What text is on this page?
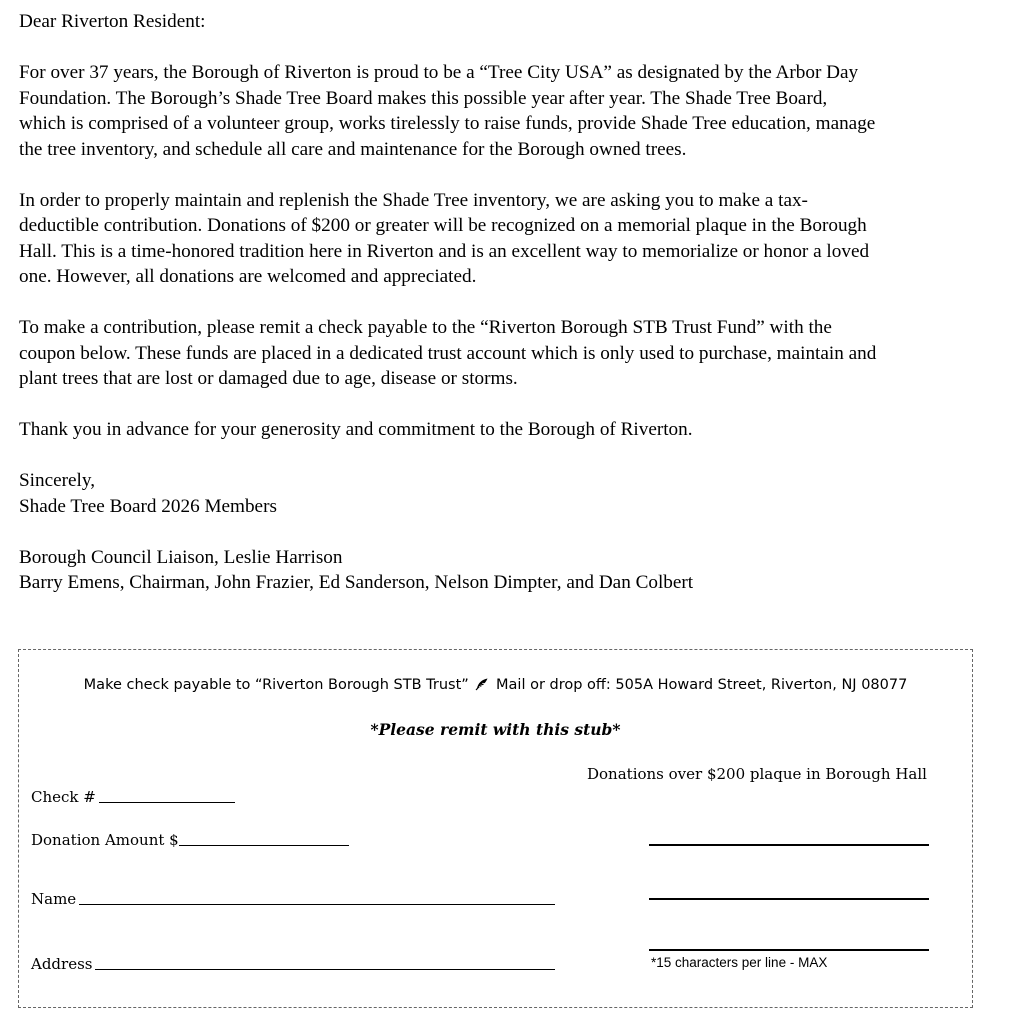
Dear Riverton Resident:

For over 37 years, the Borough of Riverton is proud to be a “Tree City USA” as designated by the Arbor Day
Foundation. The Borough’s Shade Tree Board makes this possible year after year. The Shade Tree Board,
which is comprised of a volunteer group, works tirelessly to raise funds, provide Shade Tree education, manage
the tree inventory, and schedule all care and maintenance for the Borough owned trees.

In order to properly maintain and replenish the Shade Tree inventory, we are asking you to make a tax-
deductible contribution. Donations of $200 or greater will be recognized on a memorial plaque in the Borough
Hall. This is a time-honored tradition here in Riverton and is an excellent way to memorialize or honor a loved
one. However, all donations are welcomed and appreciated.

To make a contribution, please remit a check payable to the “Riverton Borough STB Trust Fund” with the
coupon below. These funds are placed in a dedicated trust account which is only used to purchase, maintain and
plant trees that are lost or damaged due to age, disease or storms.

Thank you in advance for your generosity and commitment to the Borough of Riverton.

Sincerely,

Shade Tree Board 2026 Members

Borough Council Liaison, Leslie Harrison

Barry Emens, Chairman, John Frazier, Ed Sanderson, Nelson Dimpter, and Dan Colbert

Make check payable to “Riverton Borough STB Trust” Mail or drop off: 505A Howard Street, Riverton, NJ 08077
*Please remit with this stub*
Donations over $200 plaque in Borough Hall
Check #
Donation Amount $
Name
Address	*15 characters per line - MAX
